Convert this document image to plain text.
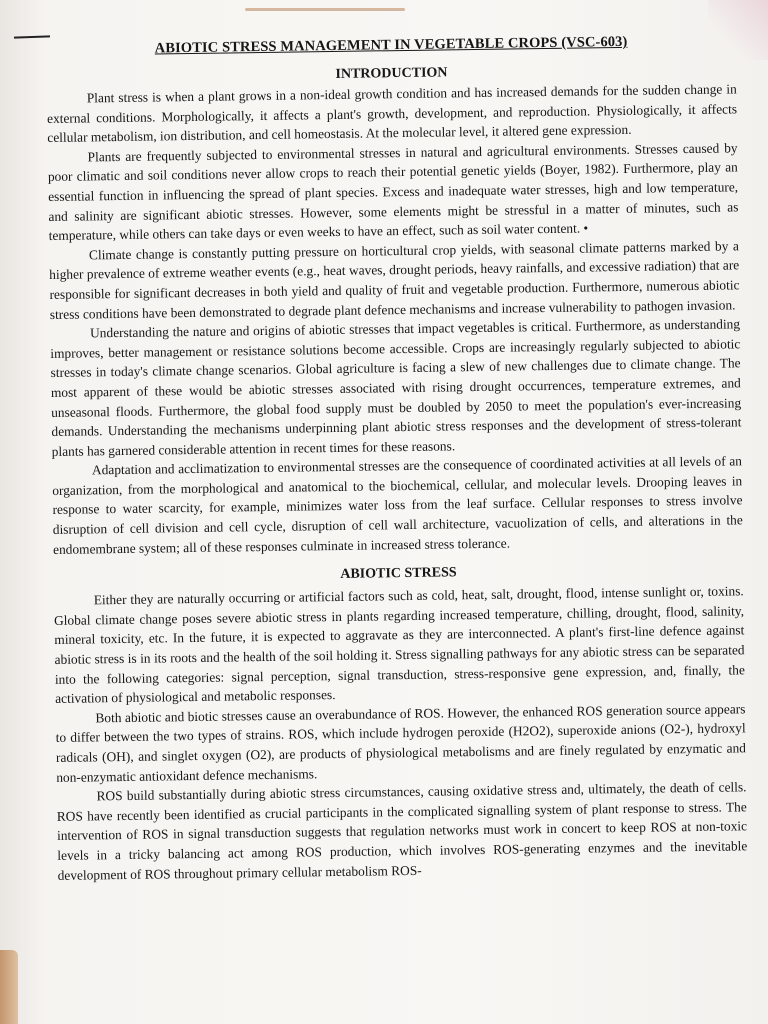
ABIOTIC STRESS MANAGEMENT IN VEGETABLE CROPS (VSC-603)
INTRODUCTION

Plant stress is when a plant grows in a non-ideal growth condition and has increased demands for the sudden change in external conditions. Morphologically, it affects a plant's growth, development, and reproduction. Physiologically, it affects cellular metabolism, ion distribution, and cell homeostasis. At the molecular level, it altered gene expression.

Plants are frequently subjected to environmental stresses in natural and agricultural environments. Stresses caused by poor climatic and soil conditions never allow crops to reach their potential genetic yields (Boyer, 1982). Furthermore, play an essential function in influencing the spread of plant species. Excess and inadequate water stresses, high and low temperature, and salinity are significant abiotic stresses. However, some elements might be stressful in a matter of minutes, such as temperature, while others can take days or even weeks to have an effect, such as soil water content. •

Climate change is constantly putting pressure on horticultural crop yields, with seasonal climate patterns marked by a higher prevalence of extreme weather events (e.g., heat waves, drought periods, heavy rainfalls, and excessive radiation) that are responsible for significant decreases in both yield and quality of fruit and vegetable production. Furthermore, numerous abiotic stress conditions have been demonstrated to degrade plant defence mechanisms and increase vulnerability to pathogen invasion.

Understanding the nature and origins of abiotic stresses that impact vegetables is critical. Furthermore, as understanding improves, better management or resistance solutions become accessible. Crops are increasingly regularly subjected to abiotic stresses in today's climate change scenarios. Global agriculture is facing a slew of new challenges due to climate change. The most apparent of these would be abiotic stresses associated with rising drought occurrences, temperature extremes, and unseasonal floods. Furthermore, the global food supply must be doubled by 2050 to meet the population's ever-increasing demands. Understanding the mechanisms underpinning plant abiotic stress responses and the development of stress-tolerant plants has garnered considerable attention in recent times for these reasons.

Adaptation and acclimatization to environmental stresses are the consequence of coordinated activities at all levels of an organization, from the morphological and anatomical to the biochemical, cellular, and molecular levels. Drooping leaves in response to water scarcity, for example, minimizes water loss from the leaf surface. Cellular responses to stress involve disruption of cell division and cell cycle, disruption of cell wall architecture, vacuolization of cells, and alterations in the endomembrane system; all of these responses culminate in increased stress tolerance.

ABIOTIC STRESS

Either they are naturally occurring or artificial factors such as cold, heat, salt, drought, flood, intense sunlight or, toxins. Global climate change poses severe abiotic stress in plants regarding increased temperature, chilling, drought, flood, salinity, mineral toxicity, etc. In the future, it is expected to aggravate as they are interconnected. A plant's first-line defence against abiotic stress is in its roots and the health of the soil holding it. Stress signalling pathways for any abiotic stress can be separated into the following categories: signal perception, signal transduction, stress-responsive gene expression, and, finally, the activation of physiological and metabolic responses.

Both abiotic and biotic stresses cause an overabundance of ROS. However, the enhanced ROS generation source appears to differ between the two types of strains. ROS, which include hydrogen peroxide (H2O2), superoxide anions (O2-), hydroxyl radicals (OH), and singlet oxygen (O2), are products of physiological metabolisms and are finely regulated by enzymatic and non-enzymatic antioxidant defence mechanisms.

ROS build substantially during abiotic stress circumstances, causing oxidative stress and, ultimately, the death of cells. ROS have recently been identified as crucial participants in the complicated signalling system of plant response to stress. The intervention of ROS in signal transduction suggests that regulation networks must work in concert to keep ROS at non-toxic levels in a tricky balancing act among ROS production, which involves ROS-generating enzymes and the inevitable development of ROS throughout primary cellular metabolism ROS-
